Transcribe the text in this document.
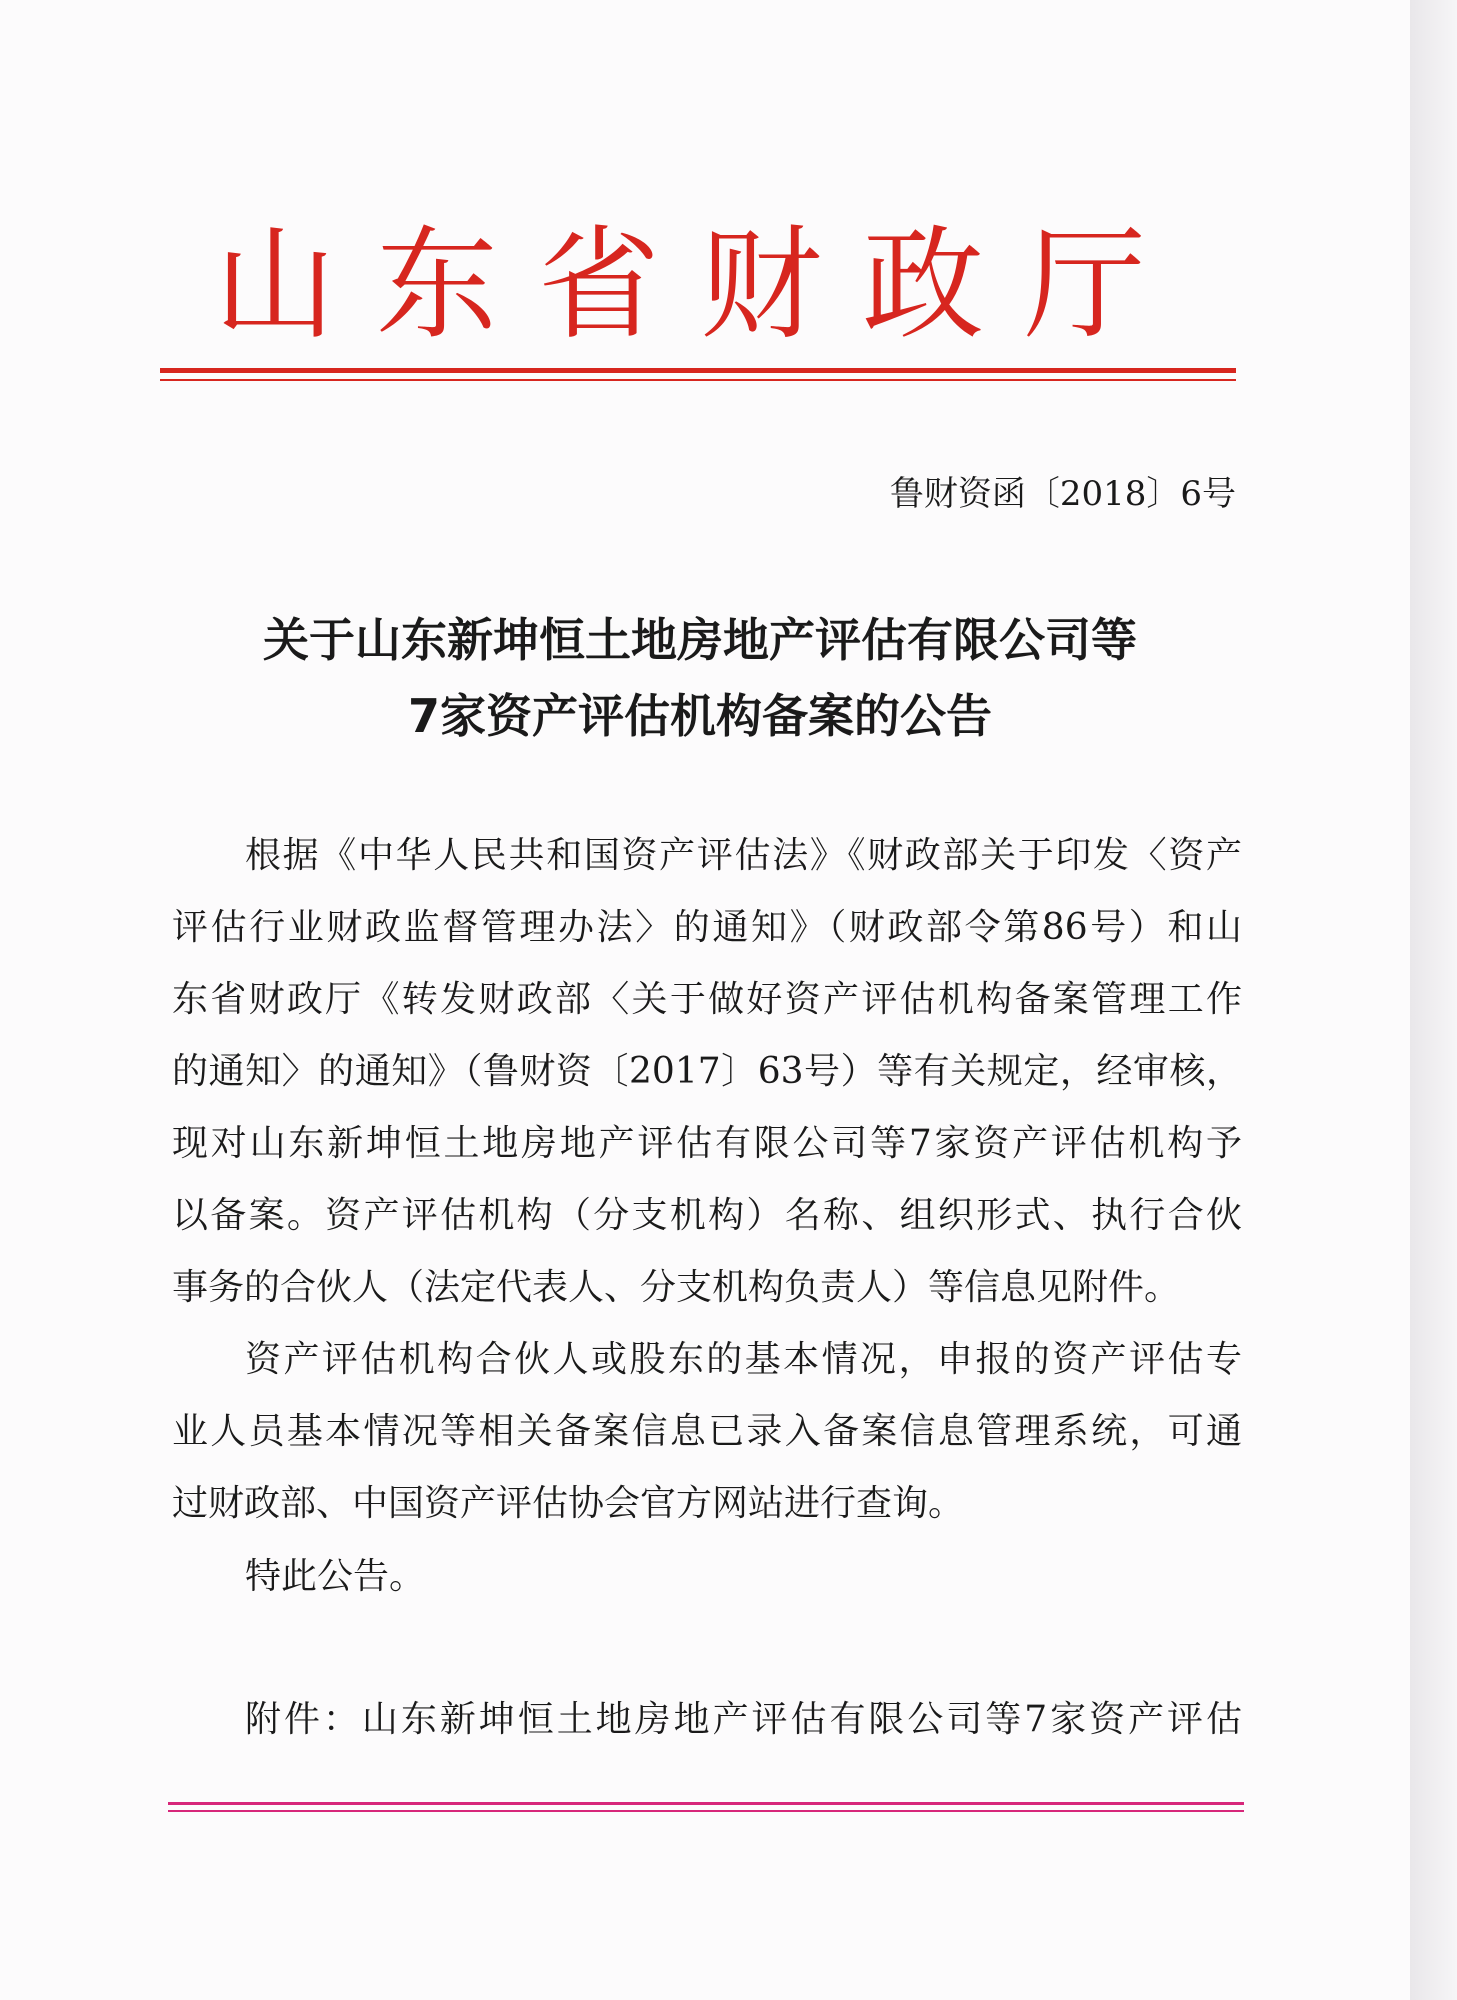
山东省财政厅

鲁财资函〔2018〕6号

关于山东新坤恒土地房地产评估有限公司等
7家资产评估机构备案的公告

根据《中华人民共和国资产评估法》《财政部关于印发〈资产

评估行业财政监督管理办法〉的通知》（财政部令第86号）和山

东省财政厅《转发财政部〈关于做好资产评估机构备案管理工作

的通知〉的通知》（鲁财资〔2017〕63号）等有关规定，经审核，

现对山东新坤恒土地房地产评估有限公司等7家资产评估机构予

以备案。资产评估机构（分支机构）名称、组织形式、执行合伙

事务的合伙人（法定代表人、分支机构负责人）等信息见附件。

资产评估机构合伙人或股东的基本情况，申报的资产评估专

业人员基本情况等相关备案信息已录入备案信息管理系统，可通

过财政部、中国资产评估协会官方网站进行查询。

特此公告。

附件：山东新坤恒土地房地产评估有限公司等7家资产评估
